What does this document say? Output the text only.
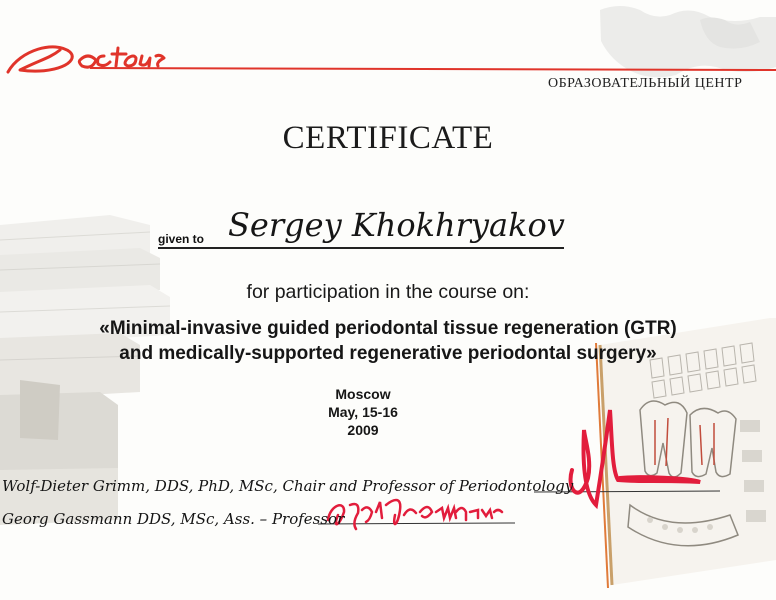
ОБРАЗОВАТЕЛЬНЫЙ ЦЕНТР
CERTIFICATE
given to Sergey Khokhryakov
for participation in the course on:
«Minimal-invasive guided periodontal tissue regeneration (GTR)
and medically-supported regenerative periodontal surgery»
Moscow
May, 15-16
2009
Wolf-Dieter Grimm, DDS, PhD, MSc, Chair and Professor of Periodontology
Georg Gassmann DDS, MSc, Ass. – Professor
